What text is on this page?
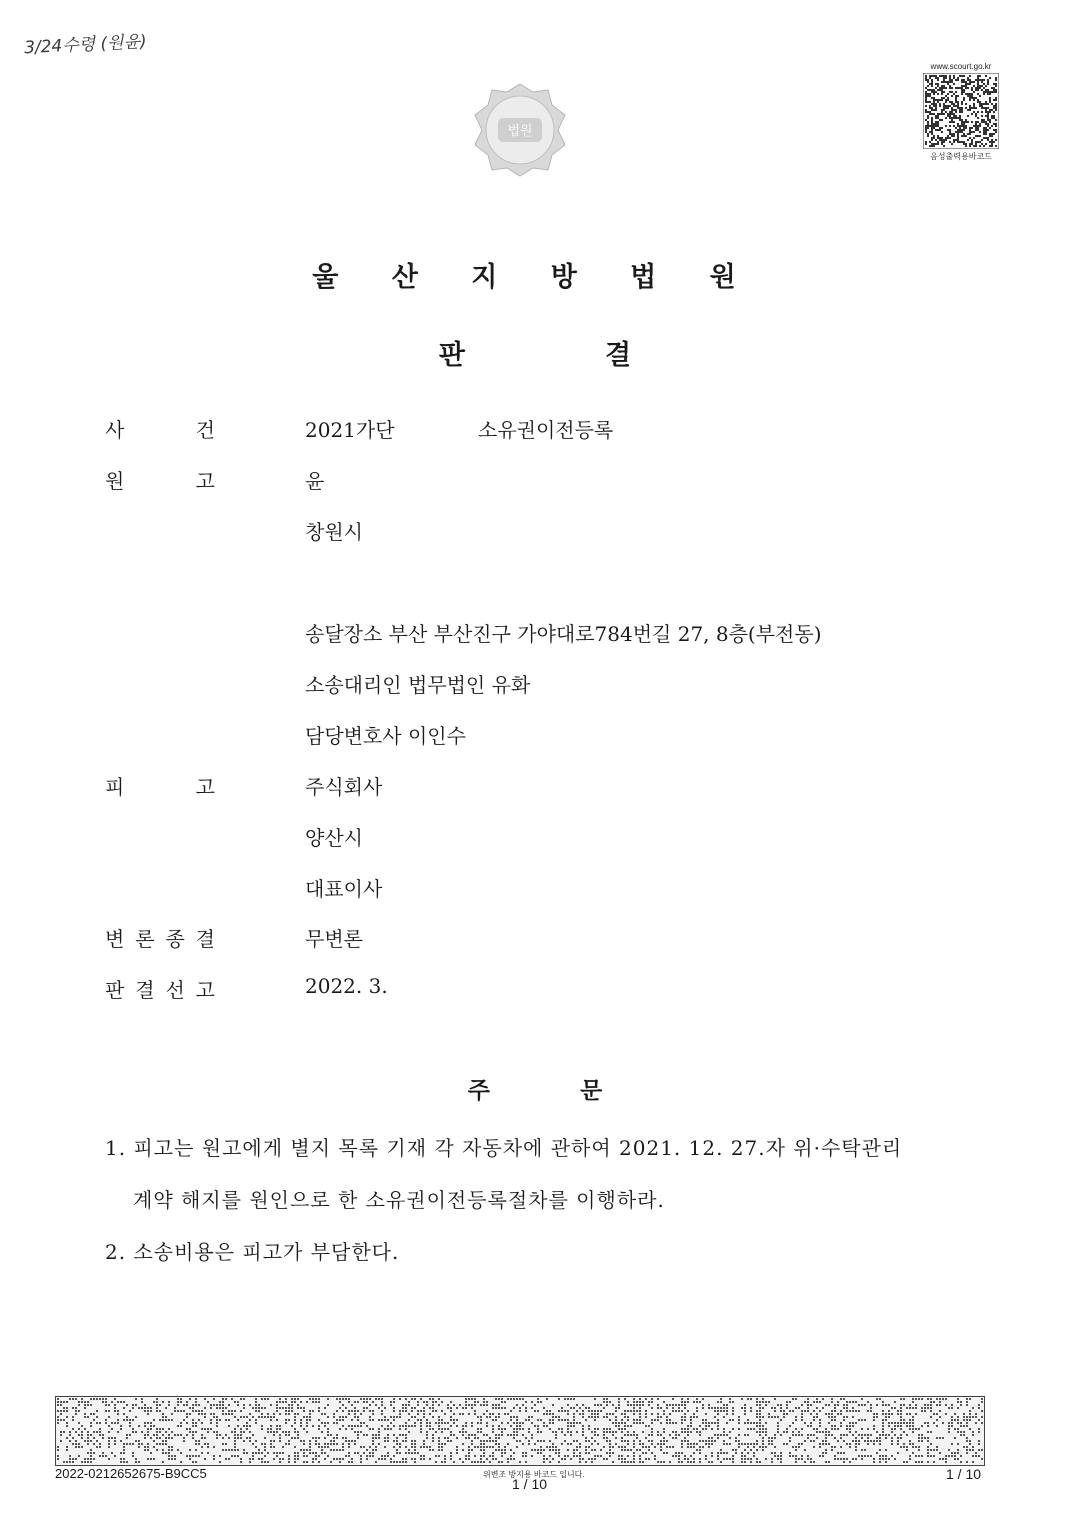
3/24수령 (원윤)
법원
www.scourt.go.kr
음성출력용바코드
울 산 지 방 법 원
판	결
사	건	2021가단	소유권이전등록
원	고	윤
창원시
송달장소 부산 부산진구 가야대로784번길 27, 8층(부전동)
소송대리인 법무법인 유화
담당변호사 이인수
피	고	주식회사
양산시
대표이사
변 론 종 결	무변론
판 결 선 고	2022. 3.
주	문
1. 피고는 원고에게 별지 목록 기재 각 자동차에 관하여 2021. 12. 27.자 위·수탁관리
계약 해지를 원인으로 한 소유권이전등록절차를 이행하라.
2. 소송비용은 피고가 부담한다.
2022-0212652675-B9CC5	위변조 방지용 바코드 입니다.
1 / 10
1 / 10
